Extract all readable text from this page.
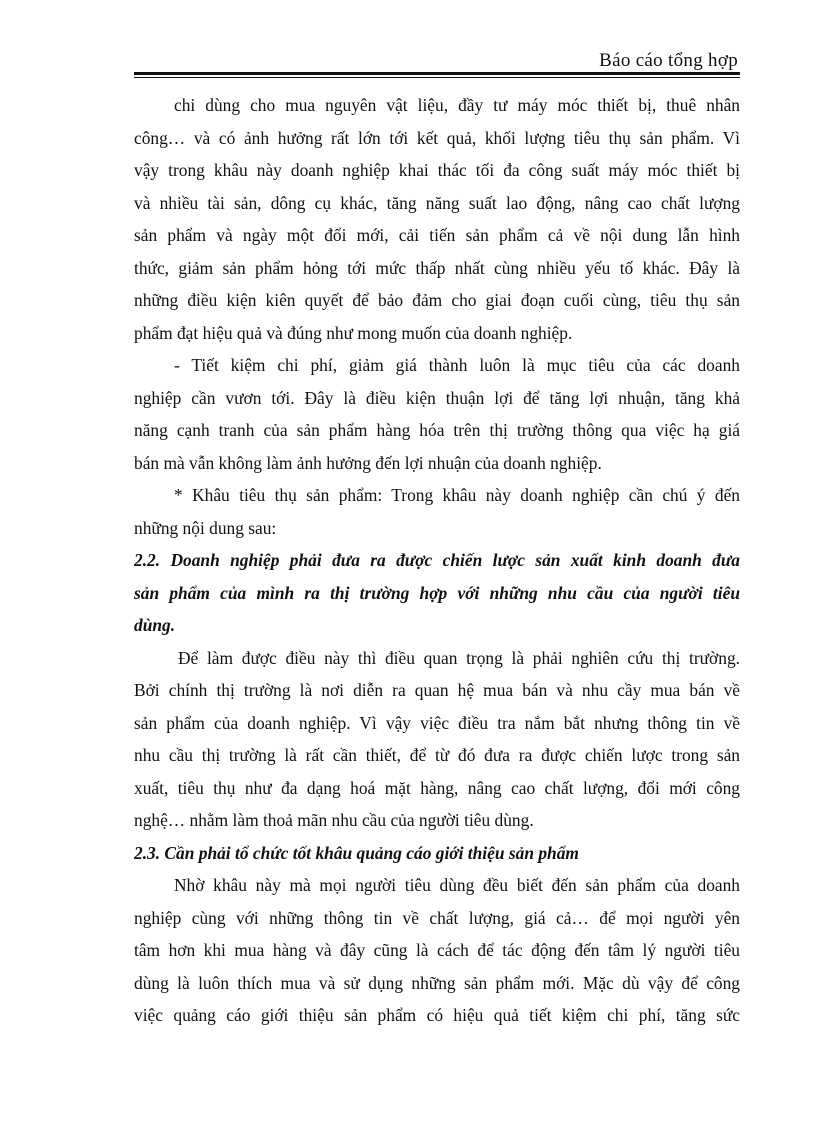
Báo cáo tổng hợp
chi dùng cho mua nguyên vật liệu, đầy tư máy móc thiết bị, thuê nhân
công… và có ảnh hưởng rất lớn tới kết quả, khối lượng tiêu thụ sản phẩm. Vì
vậy trong khâu này doanh nghiệp khai thác tối đa công suất máy móc thiết bị
và nhiều tài sản, dông cụ khác, tăng năng suất lao động, nâng cao chất lượng
sản phẩm và ngày một đổi mới, cải tiến sản phẩm cả về nội dung lẫn hình
thức, giảm sản phẩm hỏng tới mức thấp nhất cùng nhiều yếu tố khác. Đây là
những điều kiện kiên quyết để bảo đảm cho giai đoạn cuối cùng, tiêu thụ sản
phẩm đạt hiệu quả và đúng như mong muốn của doanh nghiệp.
- Tiết kiệm chi phí, giảm giá thành luôn là mục tiêu của các doanh
nghiệp cần vươn tới. Đây là điều kiện thuận lợi để tăng lợi nhuận, tăng khả
năng cạnh tranh của sản phẩm hàng hóa trên thị trường thông qua việc hạ giá
bán mà vẫn không làm ảnh hưởng đến lợi nhuận của doanh nghiệp.
* Khâu tiêu thụ sản phẩm: Trong khâu này doanh nghiệp cần chú ý đến
những nội dung sau:
2.2. Doanh nghiệp phải đưa ra được chiến lược sản xuất kinh doanh đưa
sản phẩm của mình ra thị trường hợp với những nhu cầu của người tiêu
dùng.
Để làm được điều này thì điều quan trọng là phải nghiên cứu thị trường.
Bởi chính thị trường là nơi diễn ra quan hệ mua bán và nhu cầy mua bán về
sản phẩm của doanh nghiệp. Vì vậy việc điều tra nắm bắt nhưng thông tin về
nhu cầu thị trường là rất cần thiết, để từ đó đưa ra được chiến lược trong sản
xuất, tiêu thụ như đa dạng hoá mặt hàng, nâng cao chất lượng, đổi mới công
nghệ… nhằm làm thoả mãn nhu cầu của người tiêu dùng.
2.3. Cần phải tổ chức tốt khâu quảng cáo giới thiệu sản phẩm
Nhờ khâu này mà mọi người tiêu dùng đều biết đến sản phẩm của doanh
nghiệp cùng với những thông tin về chất lượng, giá cả… để mọi người yên
tâm hơn khi mua hàng và đây cũng là cách để tác động đến tâm lý người tiêu
dùng là luôn thích mua và sử dụng những sản phẩm mới. Mặc dù vậy để công
việc quảng cáo giới thiệu sản phẩm có hiệu quả tiết kiệm chi phí, tăng sức
